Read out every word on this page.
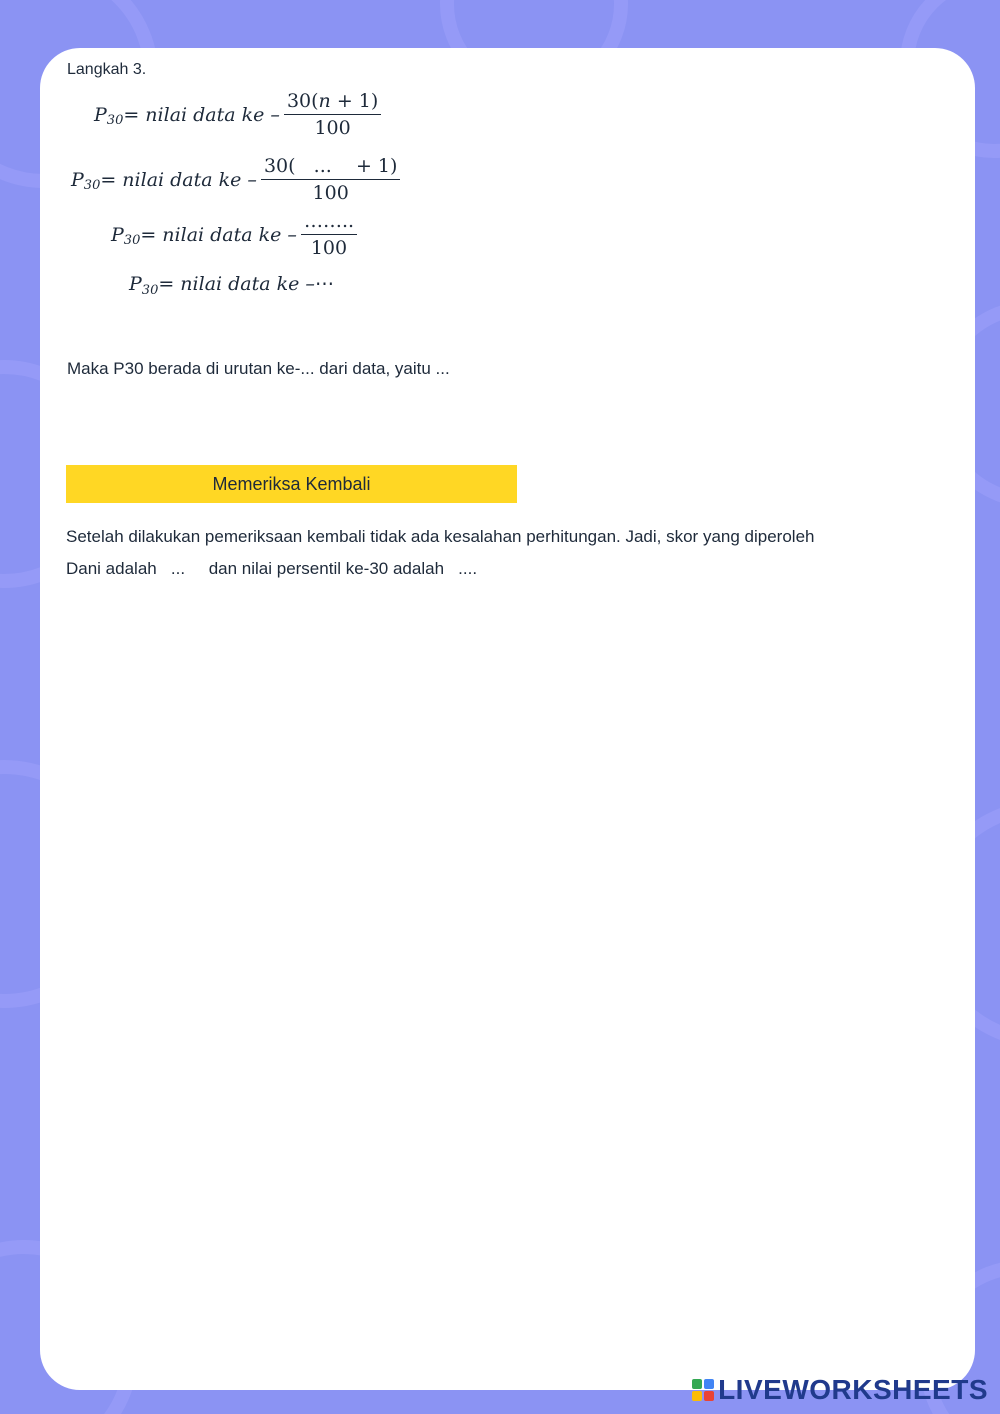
Langkah 3.
P 30 = nilai data ke – $\frac{30(n + 1)}{100}$
P 30 = nilai data ke – $\frac{30( ... + 1)}{100}$
P 30 = nilai data ke – $\frac{\dots\dots..}{100}$
P 30 = nilai data ke – ⋯
Maka P30 berada di urutan ke-... dari data, yaitu ...
Memeriksa Kembali
Setelah dilakukan pemeriksaan kembali tidak ada kesalahan perhitungan. Jadi, skor yang diperoleh
Dani adalah   ...     dan nilai persentil ke-30 adalah   ....
LIVEWORKSHEETS
